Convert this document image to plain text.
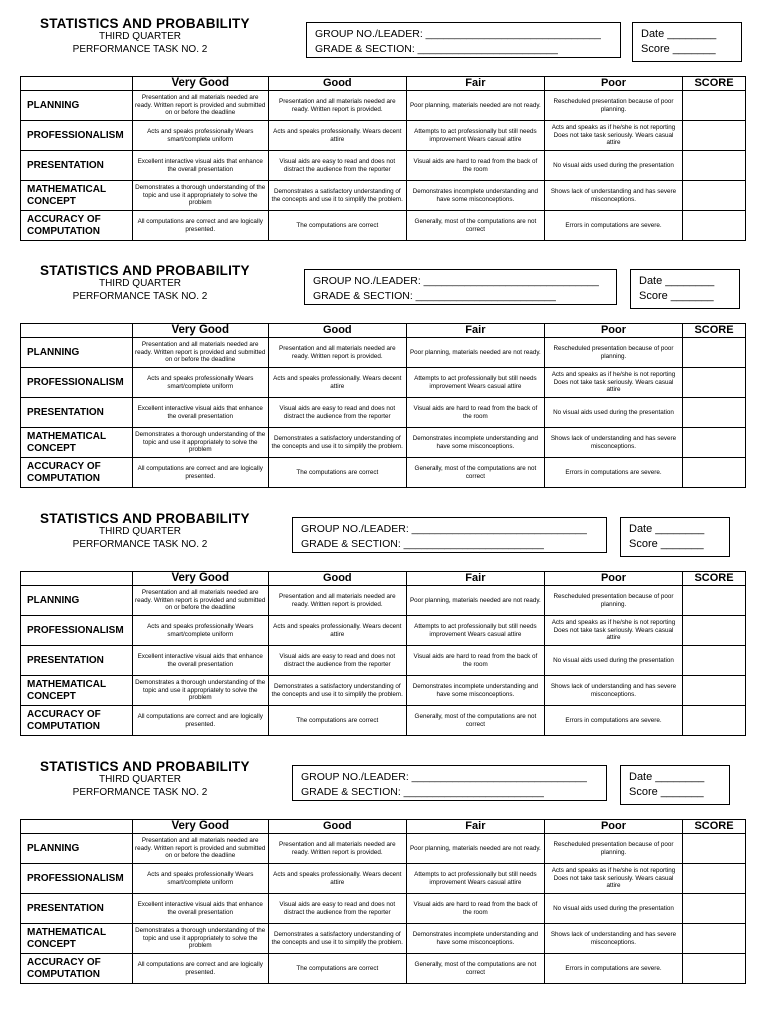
STATISTICS AND PROBABILITY
THIRD QUARTER
PERFORMANCE TASK NO. 2
GROUP NO./LEADER: ______________________________
GRADE & SECTION: ________________________
Date ________
Score _______
	Very Good	Good	Fair	Poor	SCORE
PLANNING	Presentation and all materials needed are ready. Written report is provided and submitted on or before the deadline	Presentation and all materials needed are ready. Written report is provided.	Poor planning, materials needed are not ready.	Rescheduled presentation because of poor planning.	
PROFESSIONALISM	Acts and speaks professionally Wears smart/complete uniform	Acts and speaks professionally. Wears decent attire	Attempts to act professionally but still needs improvement Wears casual attire	Acts and speaks as if he/she is not reporting Does not take task seriously. Wears casual attire	
PRESENTATION	Excellent interactive visual aids that enhance the overall presentation	Visual aids are easy to read and does not distract the audience from the reporter	Visual aids are hard to read from the back of the room	No visual aids used during the presentation	
MATHEMATICAL CONCEPT	Demonstrates a thorough understanding of the topic and use it appropriately to solve the problem	Demonstrates a satisfactory understanding of the concepts and use it to simplify the problem.	Demonstrates incomplete understanding and have some misconceptions.	Shows lack of understanding and has severe misconceptions.	
ACCURACY OF COMPUTATION	All computations are correct and are logically presented.	The computations are correct	Generally, most of the computations are not correct	Errors in computations are severe.	
STATISTICS AND PROBABILITY
THIRD QUARTER
PERFORMANCE TASK NO. 2
GROUP NO./LEADER: ______________________________
GRADE & SECTION: ________________________
Date ________
Score _______
	Very Good	Good	Fair	Poor	SCORE
PLANNING	Presentation and all materials needed are ready. Written report is provided and submitted on or before the deadline	Presentation and all materials needed are ready. Written report is provided.	Poor planning, materials needed are not ready.	Rescheduled presentation because of poor planning.	
PROFESSIONALISM	Acts and speaks professionally Wears smart/complete uniform	Acts and speaks professionally. Wears decent attire	Attempts to act professionally but still needs improvement Wears casual attire	Acts and speaks as if he/she is not reporting Does not take task seriously. Wears casual attire	
PRESENTATION	Excellent interactive visual aids that enhance the overall presentation	Visual aids are easy to read and does not distract the audience from the reporter	Visual aids are hard to read from the back of the room	No visual aids used during the presentation	
MATHEMATICAL CONCEPT	Demonstrates a thorough understanding of the topic and use it appropriately to solve the problem	Demonstrates a satisfactory understanding of the concepts and use it to simplify the problem.	Demonstrates incomplete understanding and have some misconceptions.	Shows lack of understanding and has severe misconceptions.	
ACCURACY OF COMPUTATION	All computations are correct and are logically presented.	The computations are correct	Generally, most of the computations are not correct	Errors in computations are severe.	
STATISTICS AND PROBABILITY
THIRD QUARTER
PERFORMANCE TASK NO. 2
GROUP NO./LEADER: ______________________________
GRADE & SECTION: ________________________
Date ________
Score _______
	Very Good	Good	Fair	Poor	SCORE
PLANNING	Presentation and all materials needed are ready. Written report is provided and submitted on or before the deadline	Presentation and all materials needed are ready. Written report is provided.	Poor planning, materials needed are not ready.	Rescheduled presentation because of poor planning.	
PROFESSIONALISM	Acts and speaks professionally Wears smart/complete uniform	Acts and speaks professionally. Wears decent attire	Attempts to act professionally but still needs improvement Wears casual attire	Acts and speaks as if he/she is not reporting Does not take task seriously. Wears casual attire	
PRESENTATION	Excellent interactive visual aids that enhance the overall presentation	Visual aids are easy to read and does not distract the audience from the reporter	Visual aids are hard to read from the back of the room	No visual aids used during the presentation	
MATHEMATICAL CONCEPT	Demonstrates a thorough understanding of the topic and use it appropriately to solve the problem	Demonstrates a satisfactory understanding of the concepts and use it to simplify the problem.	Demonstrates incomplete understanding and have some misconceptions.	Shows lack of understanding and has severe misconceptions.	
ACCURACY OF COMPUTATION	All computations are correct and are logically presented.	The computations are correct	Generally, most of the computations are not correct	Errors in computations are severe.	
STATISTICS AND PROBABILITY
THIRD QUARTER
PERFORMANCE TASK NO. 2
GROUP NO./LEADER: ______________________________
GRADE & SECTION: ________________________
Date ________
Score _______
	Very Good	Good	Fair	Poor	SCORE
PLANNING	Presentation and all materials needed are ready. Written report is provided and submitted on or before the deadline	Presentation and all materials needed are ready. Written report is provided.	Poor planning, materials needed are not ready.	Rescheduled presentation because of poor planning.	
PROFESSIONALISM	Acts and speaks professionally Wears smart/complete uniform	Acts and speaks professionally. Wears decent attire	Attempts to act professionally but still needs improvement Wears casual attire	Acts and speaks as if he/she is not reporting Does not take task seriously. Wears casual attire	
PRESENTATION	Excellent interactive visual aids that enhance the overall presentation	Visual aids are easy to read and does not distract the audience from the reporter	Visual aids are hard to read from the back of the room	No visual aids used during the presentation	
MATHEMATICAL CONCEPT	Demonstrates a thorough understanding of the topic and use it appropriately to solve the problem	Demonstrates a satisfactory understanding of the concepts and use it to simplify the problem.	Demonstrates incomplete understanding and have some misconceptions.	Shows lack of understanding and has severe misconceptions.	
ACCURACY OF COMPUTATION	All computations are correct and are logically presented.	The computations are correct	Generally, most of the computations are not correct	Errors in computations are severe.	
